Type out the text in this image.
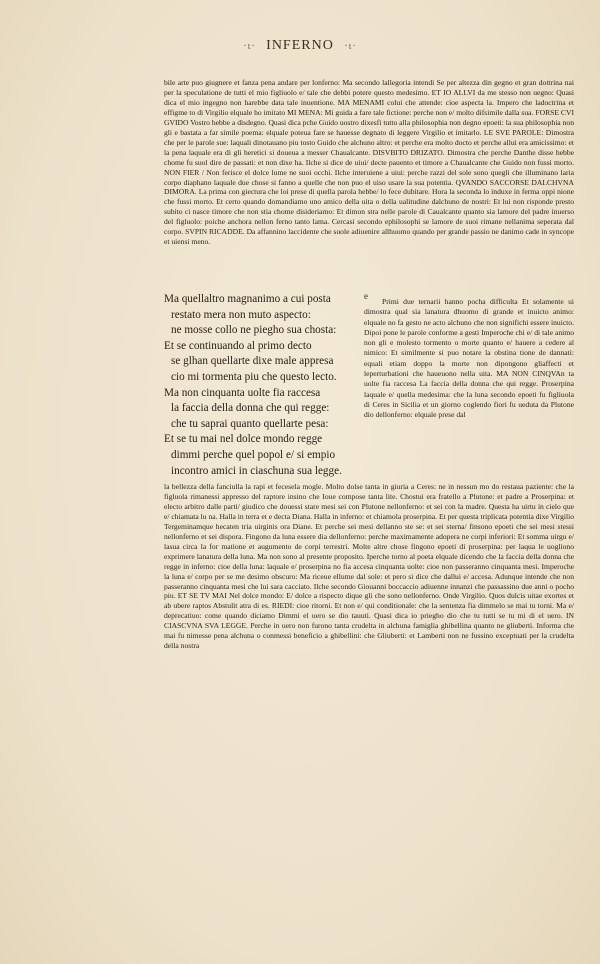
·ι· INFERNO ·ι·

bile arte puo giugnere et fanza pena andare per lonferno: Ma secondo lallegoria intendi Se per altezza din gegno et gran dottrina nai per la speculatione de tutti el mio figliuolo e/ tale che debbi potere questo medesimo. ET IO ALLVI da me stesso non uegno: Quasi dica el mio ingegno non harebbe data tale inuentione. MA MENAMI colui che attende: cioe aspecta la. Impero che ladoctrina et effigme to di Virgilio elquale ho imitato MI MENA: Mi guida a fare tale fictione: perche non e/ molto difsimile dalla sua. FORSE CVI GVIDO Vostro hebbe a disdegno. Quasi dica pche Guido uostro dixesfi tutto alla philosophia non degno epoeti: la sua philosophia non gli e bastata a far simile poema: elquale poteua fare se hauesse degnato di leggere Virgilio et imitarlo. LE SVE PAROLE: Dimostra che per le parole sue: laquali dinotauano piu tosto Guido che alchuno altro: et perche era molto docto et perche allui era amicissimo: et la pena laquale era di gli heretici si doueua a messer Chaualcante. DISVBITO DRIZATO. Dimostra che perche Danthe disse hebbe chome fu suol dire de passati: et non dixe ha. Ilche si dice de uiui/ decte pauento et timore a Chaualcante che Guido non fussi morto. NON FIER / Non ferisce el dolce lume ne suoi occhi. Ilche interuiene a uiui: perche razzi del sole sono quegli che illuminano laria corpo diaphano laquale due chose si fanno a quelle che non puo el uiso usare la sua potentia. QVANDO SACCORSE DALCHVNA DIMORA. La prima con giectura che loi prese di quella parola hebbe/ lo fece dubitare. Hora la seconda lo induxe in ferma oppi nione che fussi morto. Et certo quando domandiamo uno amico della uita o della ualitudine dalchuno de nostri: Et lui non risponde presto subito ci nasce timore che non stia chome disideriamo: Et dimon stra nelle parole di Caualcante quanto sia lamore del padre inuerso del figluolo: poiche anchora nellon ferno tanto lama. Cercasi secondo ephilosophi se lamore de suoi rimane nellanima seperata dal corpo. SVPIN RICADDE. Da affannino laccidente che suole adiuenire allhuomo quando per grande passio ne danimo cade in syncope et uiensi meno.

Ma quellaltro magnanimo a cui posta
restato mera non muto aspecto:
ne mosse collo ne piegho sua chosta:
Et se continuando al primo decto
se glhan quellarte dixe male appresa
cio mi tormenta piu che questo lecto.
Ma non cinquanta uolte fia raccesa
la faccia della donna che qui regge:
che tu saprai quanto quellarte pesa:
Et se tu mai nel dolce mondo regge
dimmi perche quel popol e/ si empio
incontro amici in ciaschuna sua legge.
e

Primi due ternarii hanno pocha difficulta Et solamente ui dimostra qual sia lanatura dhuomo di grande et inuicto animo: elquale no fa gesto ne acto alchuno che non significhi essere inuicto. Dipoi pone le parole conforme a gesti Imperoche chi e/ di tale animo non gli e molesto tormento o morte quanto e/ hauere a cedere al nimico: Et similmente si puo notare la obstina tione de dannati: equali etiam doppo la morte non dipongono gliaffecti et leperturbationi che haueuono nella uita. MA NON CINQVAn ta uolte fia raccesa La faccia della donna che qui regge. Proserpina laquale e/ quella medesima: che la luna secondo epoeti fu figliuola di Ceres in Sicilia et un giorno coglendo fiori fu ueduta da Plutone dio dellonferno: elquale prese dal

la bellezza della fanciulla la rapi et fecesela mogle. Molto dolse tanta in giuria a Ceres: ne in nessun mo do restaua paziente: che la figluola rimanessi appresso del raptore insino che Ioue compose tanta lite. Chostui era fratello a Plutone: et padre a Proserpina: et electo arbitro dalle parti/ giudico che douessi stare mesi sei con Plutone nellonferno: et sei con la madre. Questa ha uirtu in cielo que e/ chiamata lu na. Halla in terra et e decta Diana. Halla in inferno: et chiamola proserpina. Et per questa triplicata potentia dixe Virgilio Tergeminamque hecaten tria uirginis ora Diane. Et perche sei mesi dellanno ste se: et sei sterna/ finsono epoeti che sei mesi stessi nellonferno et sei dispora. Fingono da luna essere dia dellonferno: perche maximamente adopera ne corpi inferiori: Et somma uirgu e/ lasua circa la for matione et augumento de corpi terrestri. Molte altre chose fingono epoeti di proserpina: per laqua le uogliono exprimere lanatura della luna. Ma non sono al presente proposito. Iperche torno al poeta elquale dicendo che la faccia della donna che regge in inferno: cioe della luna: laquale e/ proserpina no fia accesa cinquanta uolte: cioe non passeranno cinquanta mesi. Imperoche la luna e/ corpo per se me desimo obscuro: Ma riceue ellume dal sole: et pero si dice che dallui e/ accesa. Adunque intende che non passeranno cinquanta mesi che lui sara cacciato. Ilche secondo Giouanni boccaccio adiuenne innanzi che passassino due anni o pocho piu. ET SE TV MAI Nel dolce mondo: E/ dolce a rispecto dique gli che sono nellonferno. Onde Virgilio. Quos dulcis uitae exortes et ab ubere raptos Abstulit atra di es. RIEDI: cioe ritorni. Et non e/ qui conditionale: che la sentenza fia dimmelo se mai tu torni. Ma e/ deprecatiuo: come quando diciamo Dimmi el uero se dio tauuti. Quasi dica io priegho dio che tu tutti se tu mi di el uero. IN CIASCVNA SVA LEGGE. Perche in uero non furono tanta crudelta in alchuna famiglia ghibellina quanto ne gliuberti. Informa che mai fu nimesse pena alchuna o conmessi beneficio a ghibellini: che Gliuberti: et Lamberti non ne fussino exceptuati per la crudelta della nostra
